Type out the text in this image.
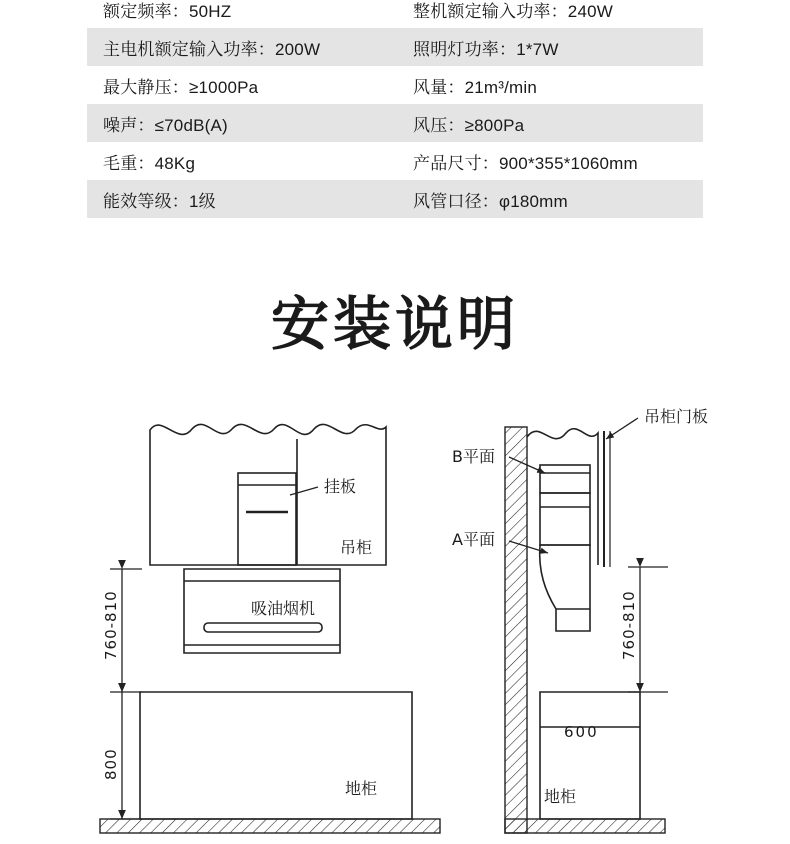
额定频率：50HZ	整机额定输入功率：240W
主电机额定输入功率：200W	照明灯功率：1*7W
最大静压：≥1000Pa	风量：21m³/min
噪声：≤70dB(A)	风压：≥800Pa
毛重：48Kg	产品尺寸：900*355*1060mm
能效等级：1级	风管口径：φ180mm
安装说明
挂板
吊柜
吸油烟机
地柜
吊柜门板
B平面
A平面
600
地柜
760-810
800
760-810
